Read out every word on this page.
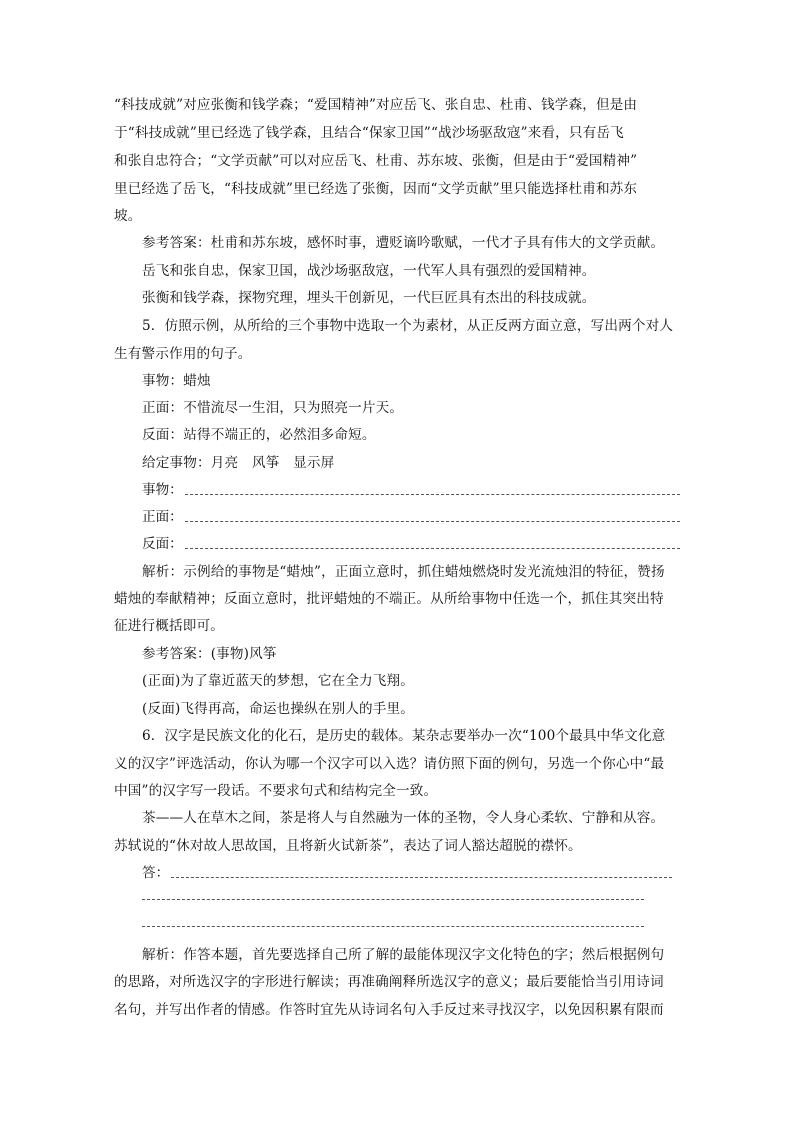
“科技成就”对应张衡和钱学森；“爱国精神”对应岳飞、张自忠、杜甫、钱学森，但是由
于“科技成就”里已经选了钱学森，且结合“保家卫国”“战沙场驱敌寇”来看，只有岳飞
和张自忠符合；“文学贡献”可以对应岳飞、杜甫、苏东坡、张衡，但是由于“爱国精神”
里已经选了岳飞，“科技成就”里已经选了张衡，因而“文学贡献”里只能选择杜甫和苏东
坡。
参考答案：杜甫和苏东坡，感怀时事，遭贬谪吟歌赋，一代才子具有伟大的文学贡献。
岳飞和张自忠，保家卫国，战沙场驱敌寇，一代军人具有强烈的爱国精神。
张衡和钱学森，探物究理，埋头干创新见，一代巨匠具有杰出的科技成就。
5．仿照示例，从所给的三个事物中选取一个为素材，从正反两方面立意，写出两个对人
生有警示作用的句子。
事物：蜡烛
正面：不惜流尽一生泪，只为照亮一片天。
反面：站得不端正的，必然泪多命短。
给定事物：月亮　风筝　显示屏
事物：
正面：
反面：
解析：示例给的事物是“蜡烛”，正面立意时，抓住蜡烛燃烧时发光流烛泪的特征，赞扬
蜡烛的奉献精神；反面立意时，批评蜡烛的不端正。从所给事物中任选一个，抓住其突出特
征进行概括即可。
参考答案：(事物)风筝
(正面)为了靠近蓝天的梦想，它在全力飞翔。
(反面)飞得再高，命运也操纵在别人的手里。
6．汉字是民族文化的化石，是历史的载体。某杂志要举办一次“100个最具中华文化意
义的汉字”评选活动，你认为哪一个汉字可以入选？请仿照下面的例句，另选一个你心中“最
中国”的汉字写一段话。不要求句式和结构完全一致。
茶——人在草木之间，茶是将人与自然融为一体的圣物，令人身心柔软、宁静和从容。
苏轼说的“休对故人思故国，且将新火试新茶”，表达了词人豁达超脱的襟怀。
答：
解析：作答本题，首先要选择自己所了解的最能体现汉字文化特色的字；然后根据例句
的思路，对所选汉字的字形进行解读；再准确阐释所选汉字的意义；最后要能恰当引用诗词
名句，并写出作者的情感。作答时宜先从诗词名句入手反过来寻找汉字，以免因积累有限而
